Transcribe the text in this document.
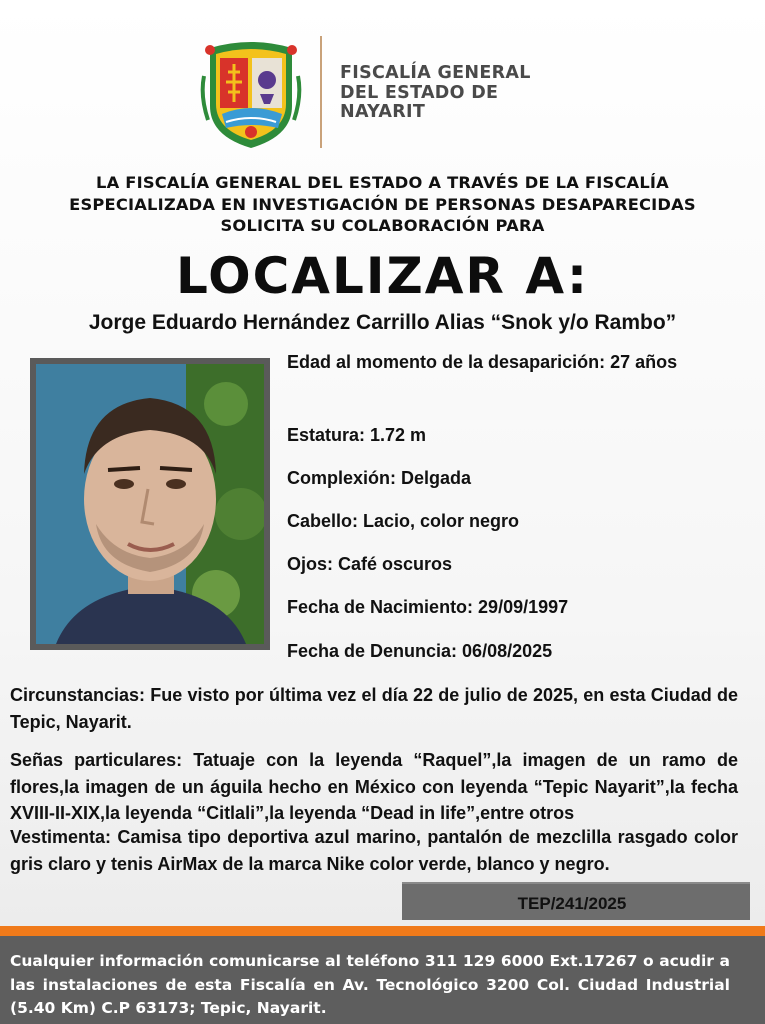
FISCALÍA GENERAL
DEL ESTADO DE
NAYARIT
LA FISCALÍA GENERAL DEL ESTADO A TRAVÉS DE LA FISCALÍA
ESPECIALIZADA EN INVESTIGACIÓN DE PERSONAS DESAPARECIDAS
SOLICITA SU COLABORACIÓN PARA
LOCALIZAR A:
Jorge Eduardo Hernández Carrillo Alias “Snok y/o Rambo”
Edad al momento de la desaparición: 27 años
Estatura: 1.72 m
Complexión: Delgada
Cabello: Lacio, color negro
Ojos: Café oscuros
Fecha de Nacimiento: 29/09/1997
Fecha de Denuncia: 06/08/2025
Circunstancias: Fue visto por última vez el día 22 de julio de 2025, en esta Ciudad de Tepic, Nayarit.
Señas particulares: Tatuaje con la leyenda “Raquel”,la imagen de un ramo de flores,la imagen de un águila hecho en México con leyenda “Tepic Nayarit”,la fecha XVIII-II-XIX,la leyenda “Citlali”,la leyenda “Dead in life”,entre otros
Vestimenta: Camisa tipo deportiva azul marino, pantalón de mezclilla rasgado color gris claro y tenis AirMax de la marca Nike color verde, blanco y negro.
TEP/241/2025
Cualquier información comunicarse al teléfono 311 129 6000 Ext.17267 o acudir a las instalaciones de esta Fiscalía en Av. Tecnológico 3200 Col. Ciudad Industrial (5.40 Km) C.P 63173; Tepic, Nayarit.
